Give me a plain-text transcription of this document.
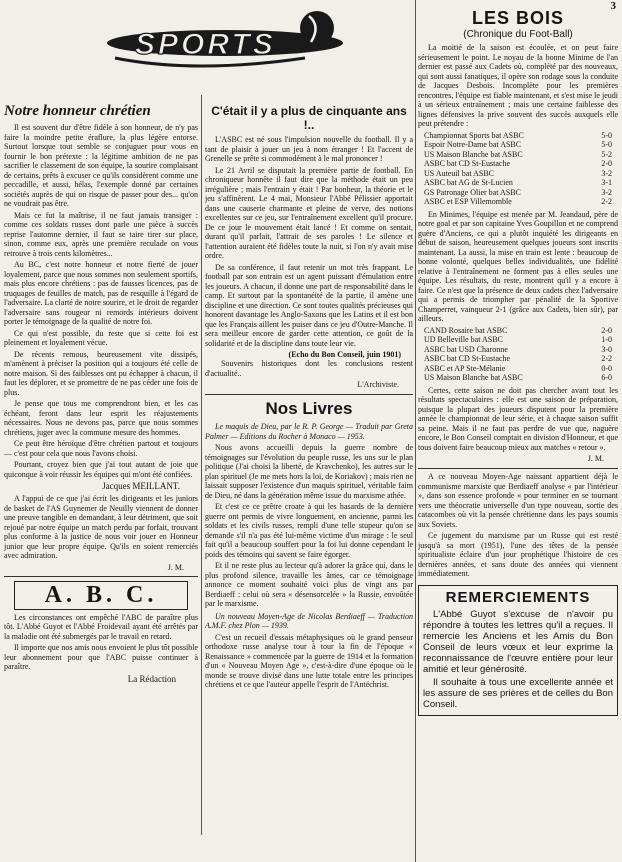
3
SPORTS
Notre honneur chrétien

Il est souvent dur d'être fidèle à son honneur, de n'y pas faire la moindre petite éraflure, la plus légère entorse. Surtout lorsque tout semble se conjuguer pour vous en fournir le bon prétexte : la légitime ambition de ne pas sacrifier le classement de son équipe, la sourire complaisant de certains, prêts à excuser ce qu'ils considèrent comme une peccadille, et aussi, hélas, l'exemple donné par certaines sociétés auprès de qui on risque de passer pour des... qu'on ne voudrait pas être.

Mais ce fut la maîtrise, il ne faut jamais transiger : comme ces soldats russes dont parle une pièce à succès reprise l'automne dernier, il faut se taire tirer sur place, sinon, comme eux, après une première reculade on vous retrouve à trois cents kilomètres...

Au BC, c'est notre honneur et notre fierté de jouer loyalement, parce que nous sommes non seulement sportifs, mais plus encore chrétiens : pas de fausses licences, pas de truquages de feuilles de match, pas de resquille à l'égard de l'adversaire. La clarté de notre sourire, et le droit de regarder l'adversaire sans rougeur ni remords intérieurs doivent porter le témoignage de la qualité de notre foi.

Ce qui n'est possible, du reste que si cette foi est pleinement et loyalement vécue.

De récents remous, heureusement vite dissipés, m'amènent à préciser la position qui a toujours été celle de notre maison. Si des faiblesses ont pu échapper à chacun, il faut les déplorer, et se promettre de ne pas céder une fois de plus.

Je pense que tous me comprendront bien, et les cas échéant, feront dans leur esprit les réajustements nécessaires. Nous ne devons pas, parce que nous sommes chrétiens, juger avec la commune mesure des hommes.

Ce peut être héroïque d'être chrétien partout et toujours — c'est pour cela que nous l'avons choisi.

Pourtant, croyez bien que j'ai tout autant de joie que quiconque à voir réussir les équipes qui m'ont été confiées.

Jacques MEILLANT.

A l'appui de ce que j'ai écrit les dirigeants et les juniors de basket de l'AS Guynemer de Neuilly viennent de donner une preuve tangible en demandant, à leur détriment, que soit rejoué par notre équipe un match perdu par forfait, trouvant plus conforme à la justice de nous voir jouer en Honneur junior que leur propre équipe. Qu'ils en soient remerciés avec admiration.

J. M.
A. B. C.

Les circonstances ont empêché l'ABC de paraître plus tôt. L'Abbé Guyot et l'Abbé Froidevail ayant été arrêtés par la maladie ont été submergés par le travail en retard.

Il importe que nos amis nous envoient le plus tôt possible leur abonnement pour que l'ABC puisse continuer à paraître.

La Rédaction
C'était il y a plus de cinquante ans !..

L'ASBC est né sous l'impulsion nouvelle du football. Il y a tant de plaisir à jouer un jeu à nom étranger ! Et l'accent de Grenelle se prête si commodément à le mal prononcer !

Le 21 Avril se disputait la première partie de football. En chroniqueur honnête il faut dire que la méthode était un peu irrégulière ; mais l'entrain y était ! Par bonheur, la théorie et le jeu s'affinèrent. Le 4 mai, Monsieur l'Abbé Pélissier apportait dans une causerie charmante et pleine de verve, des notions excellentes sur ce jeu, sur l'entraînement excellent qu'il procure. De ce jour le mouvement était lancé ! Et comme on sentait, durant qu'il parlait, l'attrait de ses paroles ! Le silence et l'attention auraient été fidèles toute la nuit, si l'on n'y avait mise ordre.

De sa conférence, il faut retenir un mot très frappant. Le football par son entrain est un agent puissant d'émulation entre les joueurs. A chacun, il donne une part de responsabilité dans le camp. Et surtout par la spontanéité de la partie, il amène une discipline et une direction. Ce sont toutes qualités précieuses qui honorent davantage les Anglo-Saxons que les Latins et il est bon que les Français aillent les puiser dans ce jeu d'Outre-Manche. Il sera meilleur encore de garder cette attention, ce goût de la solidarité et de la discipline dans toute leur vie.

(Echo du Bon Conseil, juin 1901)

Souvenirs historiques dont les conclusions restent d'actualité..

L'Archiviste.
Nos Livres

Le maquis de Dieu, par le R. P. George — Traduit par Greta Palmer — Editions du Rocher à Monaco — 1953.

Nous avons accueilli depuis la guerre nombre de témoignages sur l'évolution du peuple russe, les uns sur le plan politique (J'ai choisi la liberté, de Kravchenko), les autres sur le plan spirituel (Je me mets hors la loi, de Koriakov) ; mais rien ne laissait supposer l'existence d'un maquis spirituel, véritable faim de Dieu, né dans la génération même issue du marxisme athée.

Et c'est ce ce prêtre croate à qui les hasards de la dernière guerre ont permis de vivre longuement, en ancienne, parmi les soldats et les civils russes, rempli d'une telle stupeur qu'on se demande s'il n'a pas été lui-même victime d'un mirage : le seul fait qu'il a beaucoup souffert pour la foi lui donne cependant le poids des témoins qui savent se faire égorger.

Et il ne reste plus au lecteur qu'à adorer la grâce qui, dans le plus profond silence, travaille les âmes, car ce témoignage annonce ce moment souhaité voici plus de vingt ans par Berdiaeff : celui où sera « désensorcelée » la Russie, envoûtée par le marxisme.

Un nouveau Moyen-Age de Nicolas Berdiaeff — Traduction A.M.F. chez Plon — 1939.

C'est un recueil d'essais métaphysiques où le grand penseur orthodoxe russe analyse tour à tour la fin de l'époque « Renaissance » commencée par la guerre de 1914 et la formation d'un « Nouveau Moyen Age », c'est-à-dire d'une époque où le monde se trouve divisé dans une lutte totale entre les principes chrétiens et ce que l'auteur appelle l'esprit de l'Antéchrist.

LES BOIS
(Chronique du Foot-Ball)

La moitié de la saison est écoulée, et on peut faire sérieusement le point. Le noyau de la bonne Minime de l'an dernier est passé aux Cadets où, complété par des nouveaux, qui sont aussi fanatiques, il opère son rodage sous la conduite de Jacques Desbois. Incomplète pour les premières rencontres, l'équipe est fiable maintenant, et s'est mise le jeudi à un sérieux entraînement ; mais une certaine faiblesse des lignes défensives la prive souvent des succès auxquels elle peut prétendre :

Championnat Sports bat ASBC	5-0
Espoir Notre-Dame bat ASBC	5-0
US Maison Blanche bat ASBC	5-2
ASBC bat CD St-Eustache	2-0
US Auteuil bat ASBC	3-2
ASBC bat AG de St-Lucien	3-1
GS Patronage Olier bat ASBC	3-2
ASBC et ESP Villemomble	2-2

En Minimes, l'équipe est menée par M. Jeandaud, père de notre goal et par son capitaine Yves Goupillon et ne comprend guère d'Anciens, ce qui a plutôt inquiété les dirigeants en début de saison, heureusement quelques joueurs sont inscrits maintenant. La aussi, la mise en train est lente : beaucoup de bonne volonté, quelques belles individualités, une fidélité relative à l'entraînement ne forment pas à elles seules une équipe. Les résultats, du reste, montrent qu'il y a encore à faire. Ce n'est que la présence de deux cadets chez l'adversaire qui a permis de triompher par pénalité de la Sportive Champerret, vainqueur 2-1 (grâce aux Cadets, bien sûr), par ailleurs.

CAND Rosaire bat ASBC	2-0
UD Belleville bat ASBC	1-0
ASBC bat USD Charonne	3-0
ASBC bat CD St-Eustache	2-2
ASBC et AP Ste-Mélanie	0-0
US Maison Blanche bat ASBC	6-0

Certes, cette saison ne doit pas chercher avant tout les résultats spectaculaires : elle est une saison de préparation, puisque la plupart des joueurs disputent pour la première année le championnat de leur série, et à chaque saison suffit sa peine. Mais il ne faut pas perdre de vue que, naguère encore, le Bon Conseil comptait en division d'Honneur, et que tous doivent faire beaucoup mieux aux matches « retour ».

J. M.

A ce nouveau Moyen-Age naissant appartient déjà le communisme marxiste que Berdiaeff analyse « par l'intérieur », dans son essence profonde « pour terminer en se tournant vers une théocratie universelle d'un type nouveau, sortie des catacombes où vit la pensée chrétienne dans les pays soumis aux Soviets.

Ce jugement du marxisme par un Russe qui est resté jusqu'à sa mort (1951), l'une des têtes de la pensée spiritualiste éclaire d'un jour prophétique l'histoire de ces dernières années, et sans doute des années qui viennent immédiatement.

REMERCIEMENTS

L'Abbé Guyot s'excuse de n'avoir pu répondre à toutes les lettres qu'il a reçues. Il remercie les Anciens et les Amis du Bon Conseil de leurs vœux et leur exprime la reconnaissance de l'œuvre entière pour leur amitié et leur générosité.

Il souhaite à tous une excellente année et les assure de ses prières et de celles du Bon Conseil.
